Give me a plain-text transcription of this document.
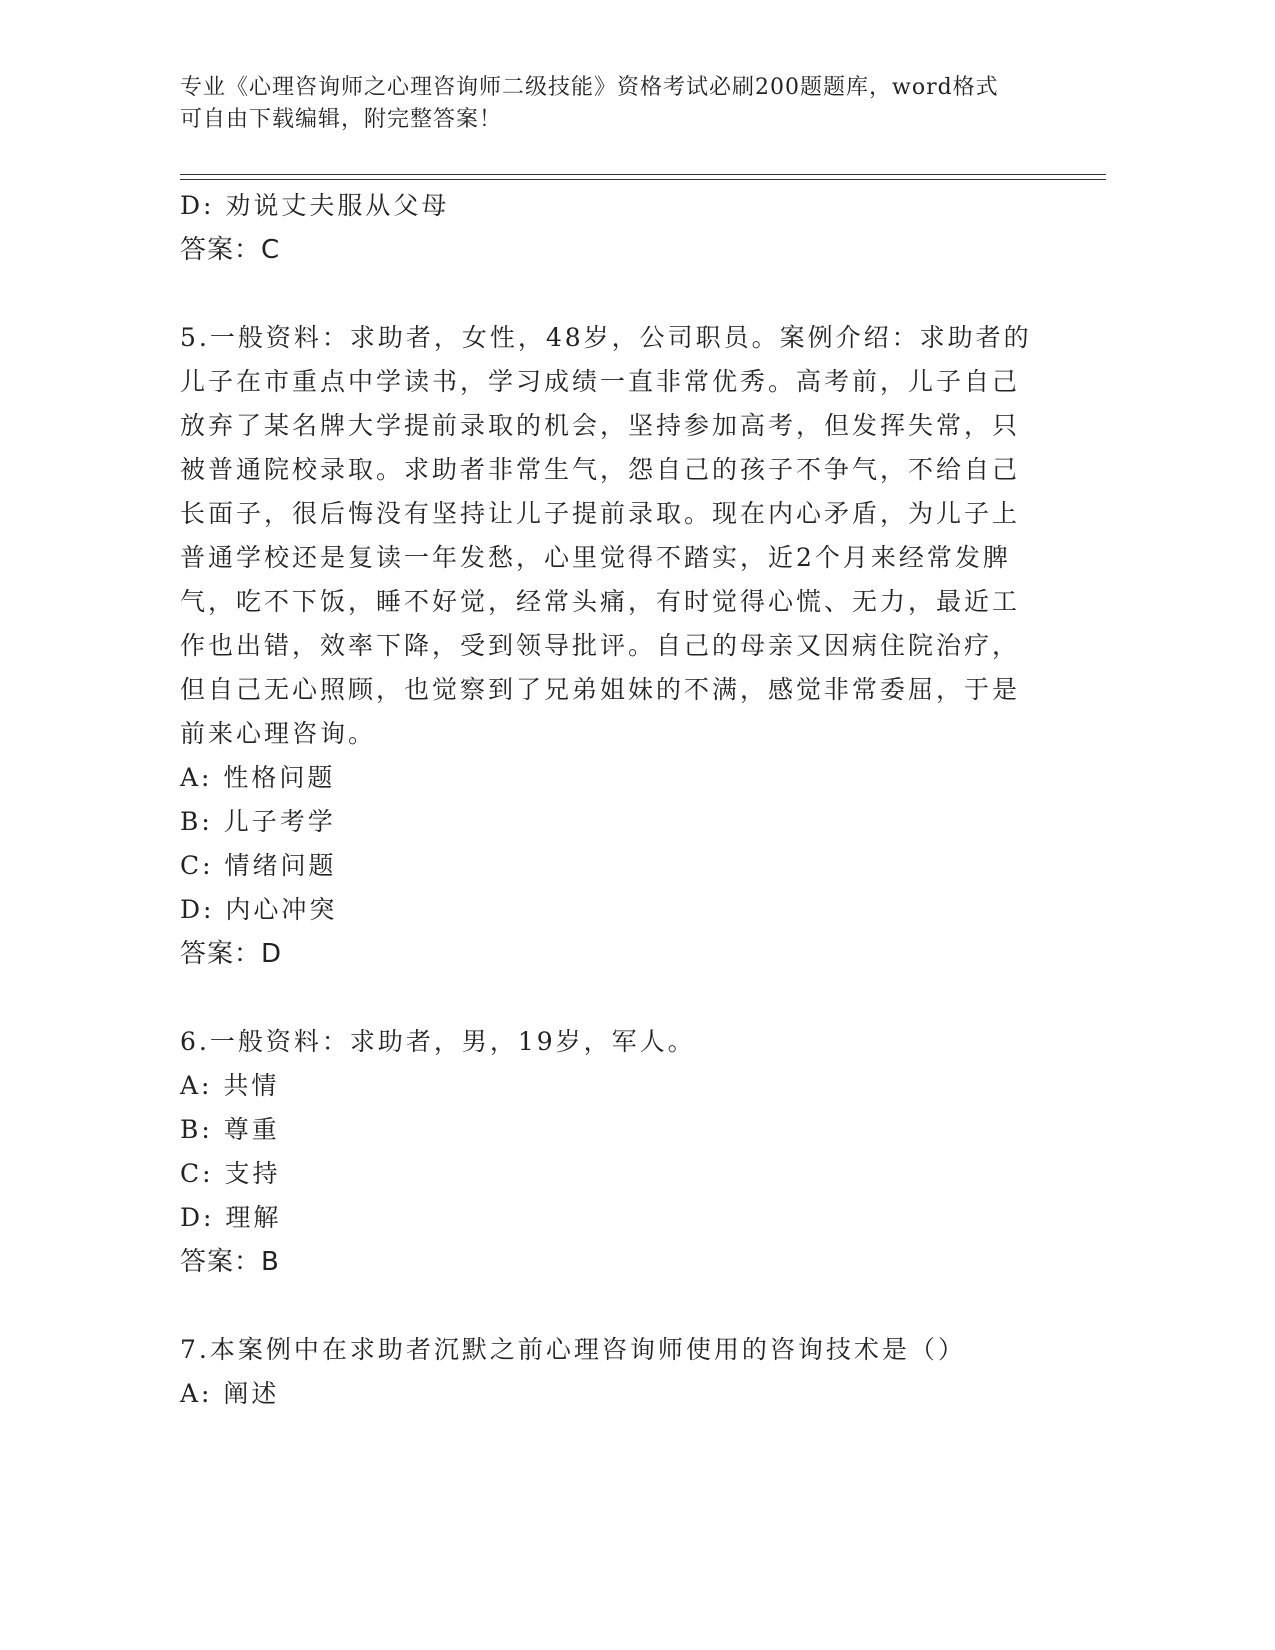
专业《心理咨询师之心理咨询师二级技能》资格考试必刷200题题库，word格式
可自由下载编辑，附完整答案！
D: 劝说丈夫服从父母
答案：C
5.一般资料：求助者，女性，48岁，公司职员。案例介绍：求助者的
儿子在市重点中学读书，学习成绩一直非常优秀。高考前，儿子自己
放弃了某名牌大学提前录取的机会，坚持参加高考，但发挥失常，只
被普通院校录取。求助者非常生气，怨自己的孩子不争气，不给自己
长面子，很后悔没有坚持让儿子提前录取。现在内心矛盾，为儿子上
普通学校还是复读一年发愁，心里觉得不踏实，近2个月来经常发脾
气，吃不下饭，睡不好觉，经常头痛，有时觉得心慌、无力，最近工
作也出错，效率下降，受到领导批评。自己的母亲又因病住院治疗，
但自己无心照顾，也觉察到了兄弟姐妹的不满，感觉非常委屈，于是
前来心理咨询。
A: 性格问题
B: 儿子考学
C: 情绪问题
D: 内心冲突
答案：D
6.一般资料：求助者，男，19岁，军人。
A: 共情
B: 尊重
C: 支持
D: 理解
答案：B
7.本案例中在求助者沉默之前心理咨询师使用的咨询技术是（）
A: 阐述
